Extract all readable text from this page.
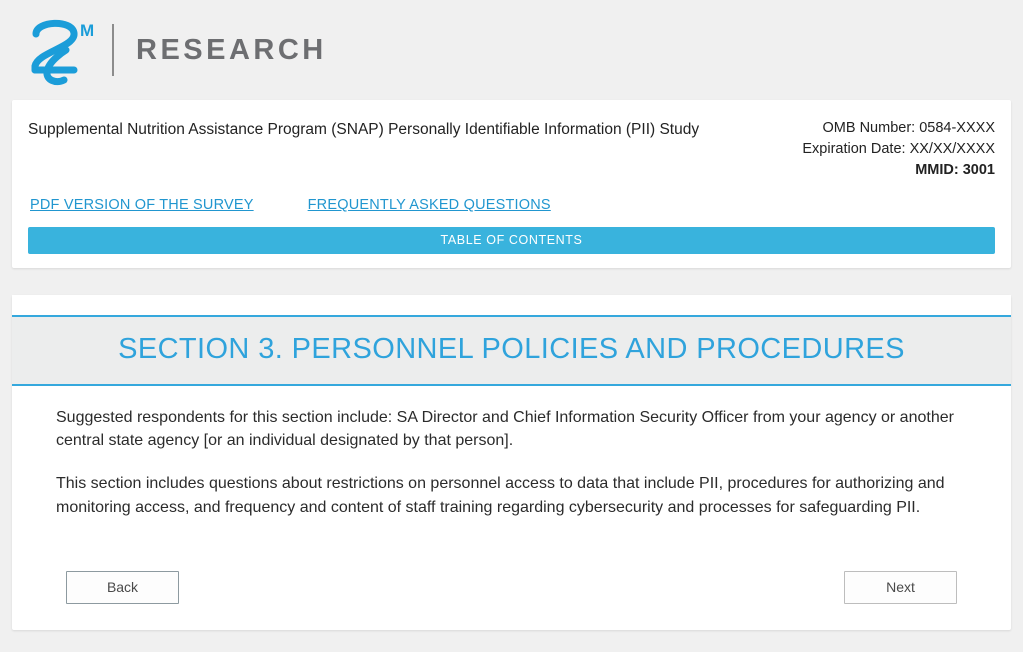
M
RESEARCH
Supplemental Nutrition Assistance Program (SNAP) Personally Identifiable Information (PII) Study	OMB Number: 0584-XXXX
Expiration Date: XX/XX/XXXX
MMID: 3001
PDF VERSION OF THE SURVEY	FREQUENTLY ASKED QUESTIONS
TABLE OF CONTENTS
SECTION 3. PERSONNEL POLICIES AND PROCEDURES

Suggested respondents for this section include: SA Director and Chief Information Security Officer from your agency or another central state agency [or an individual designated by that person].

This section includes questions about restrictions on personnel access to data that include PII, procedures for authorizing and monitoring access, and frequency and content of staff training regarding cybersecurity and processes for safeguarding PII.

Back	Next
